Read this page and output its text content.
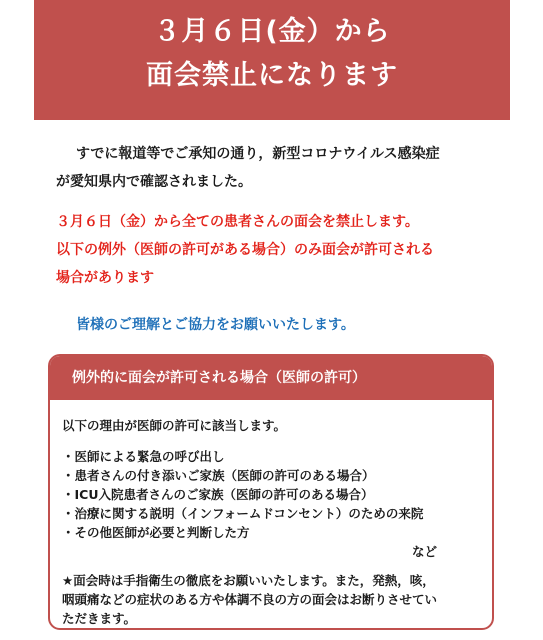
３月６日(金）から
面会禁止になります
すでに報道等でご承知の通り，新型コロナウイルス感染症
が愛知県内で確認されました。
３月６日（金）から全ての患者さんの面会を禁止します。
以下の例外（医師の許可がある場合）のみ面会が許可される
場合があります
皆様のご理解とご協力をお願いいたします。
例外的に面会が許可される場合（医師の許可）
以下の理由が医師の許可に該当します。
・医師による緊急の呼び出し
・患者さんの付き添いご家族（医師の許可のある場合）
・ICU入院患者さんのご家族（医師の許可のある場合）
・治療に関する説明（インフォームドコンセント）のための来院
・その他医師が必要と判断した方
など
★面会時は手指衛生の徹底をお願いいたします。また，発熱，咳，
咽頭痛などの症状のある方や体調不良の方の面会はお断りさせてい
ただきます。
